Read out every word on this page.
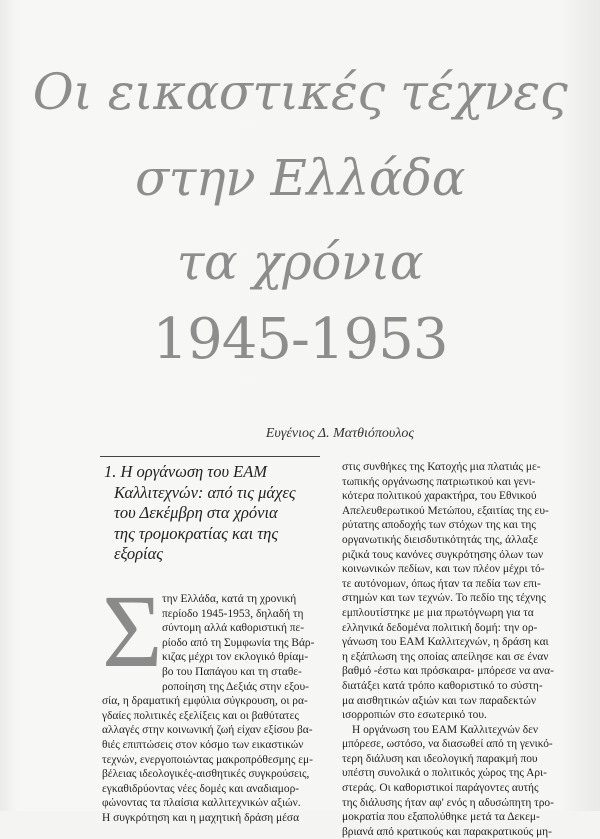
Οι εικαστικές τέχνες
στην Ελλάδα
τα χρόνια
1945-1953
Ευγένιος Δ. Ματθιόπουλος
1. Η οργάνωση του ΕΑΜ
Καλλιτεχνών: από τις μάχες
του Δεκέμβρη στα χρόνια
της τρομοκρατίας και της
εξορίας
Σ την Ελλάδα, κατά τη χρονική
περίοδο 1945-1953, δηλαδή τη
σύντομη αλλά καθοριστική πε-
ρίοδο από τη Συμφωνία της Βάρ-
κιζας μέχρι τον εκλογικό θρίαμ-
βο του Παπάγου και τη σταθε-
ροποίηση της Δεξιάς στην εξου-
σία, η δραματική εμφύλια σύγκρουση, οι ρα-
γδαίες πολιτικές εξελίξεις και οι βαθύτατες
αλλαγές στην κοινωνική ζωή είχαν εξίσου βα-
θιές επιπτώσεις στον κόσμο των εικαστικών
τεχνών, ενεργοποιώντας μακροπρόθεσμης εμ-
βέλειας ιδεολογικές-αισθητικές συγκρούσεις,
εγκαθιδρύοντας νέες δομές και αναδιαμορ-
φώνοντας τα πλαίσια καλλιτεχνικών αξιών.
Η συγκρότηση και η μαχητική δράση μέσα
στις συνθήκες της Κατοχής μια πλατιάς με-
τωπικής οργάνωσης πατριωτικού και γενι-
κότερα πολιτικού χαρακτήρα, του Εθνικού
Απελευθερωτικού Μετώπου, εξαιτίας της ευ-
ρύτατης αποδοχής των στόχων της και της
οργανωτικής διεισδυτικότητάς της, άλλαξε
ριζικά τους κανόνες συγκρότησης όλων των
κοινωνικών πεδίων, και των πλέον μέχρι τό-
τε αυτόνομων, όπως ήταν τα πεδία των επι-
στημών και των τεχνών. Το πεδίο της τέχνης
εμπλουτίστηκε με μια πρωτόγνωρη για τα
ελληνικά δεδομένα πολιτική δομή: την ορ-
γάνωση του ΕΑΜ Καλλιτεχνών, η δράση και
η εξάπλωση της οποίας απείλησε και σε έναν
βαθμό -έστω και πρόσκαιρα- μπόρεσε να ανα-
διατάξει κατά τρόπο καθοριστικό το σύστη-
μα αισθητικών αξιών και των παραδεκτών
ισορροπιών στο εσωτερικό του.
Η οργάνωση του ΕΑΜ Καλλιτεχνών δεν
μπόρεσε, ωστόσο, να διασωθεί από τη γενικό-
τερη διάλυση και ιδεολογική παρακμή που
υπέστη συνολικά ο πολιτικός χώρος της Αρι-
στεράς. Οι καθοριστικοί παράγοντες αυτής
της διάλυσης ήταν αφ' ενός η αδυσώπητη τρο-
μοκρατία που εξαπολύθηκε μετά τα Δεκεμ-
βριανά από κρατικούς και παρακρατικούς μη-
